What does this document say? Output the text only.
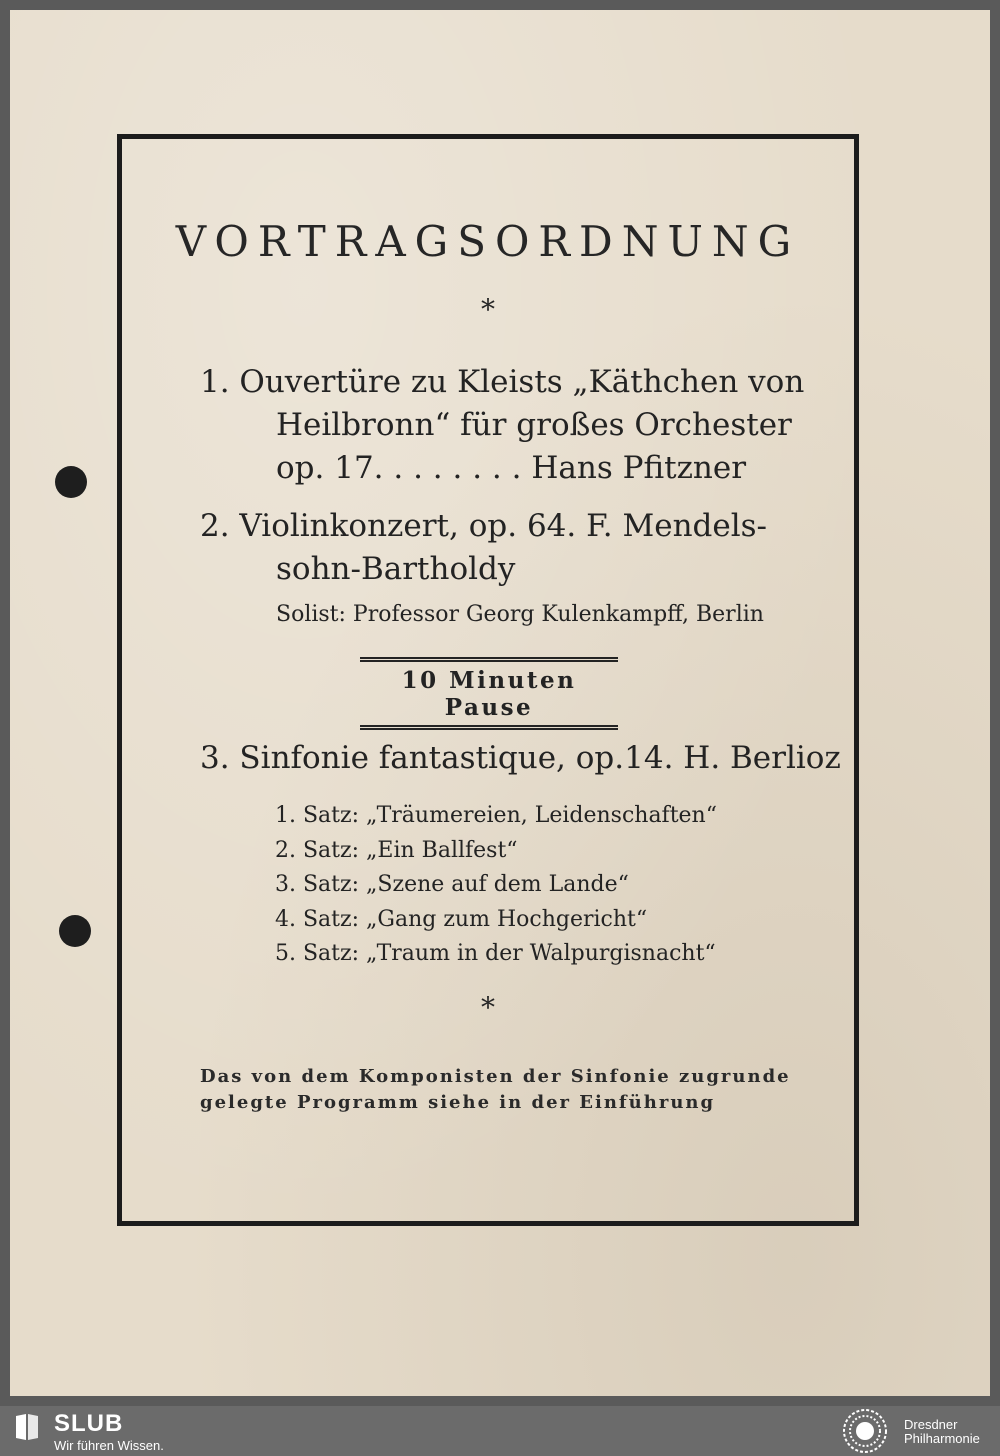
VORTRAGSORDNUNG
*
1. Ouvertüre zu Kleists „Käthchen von
Heilbronn“ für großes Orchester
op. 17. . . . . . . . Hans Pfitzner
2. Violinkonzert, op. 64. F. Mendels-
sohn-Bartholdy
Solist: Professor Georg Kulenkampff, Berlin
10 Minuten Pause
3. Sinfonie fantastique, op.14. H. Berlioz
1. Satz: „Träumereien, Leidenschaften“
2. Satz: „Ein Ballfest“
3. Satz: „Szene auf dem Lande“
4. Satz: „Gang zum Hochgericht“
5. Satz: „Traum in der Walpurgisnacht“
*
Das von dem Komponisten der Sinfonie zugrunde
gelegte Programm siehe in der Einführung
SLUB
Wir führen Wissen.
Dresdner
Philharmonie
